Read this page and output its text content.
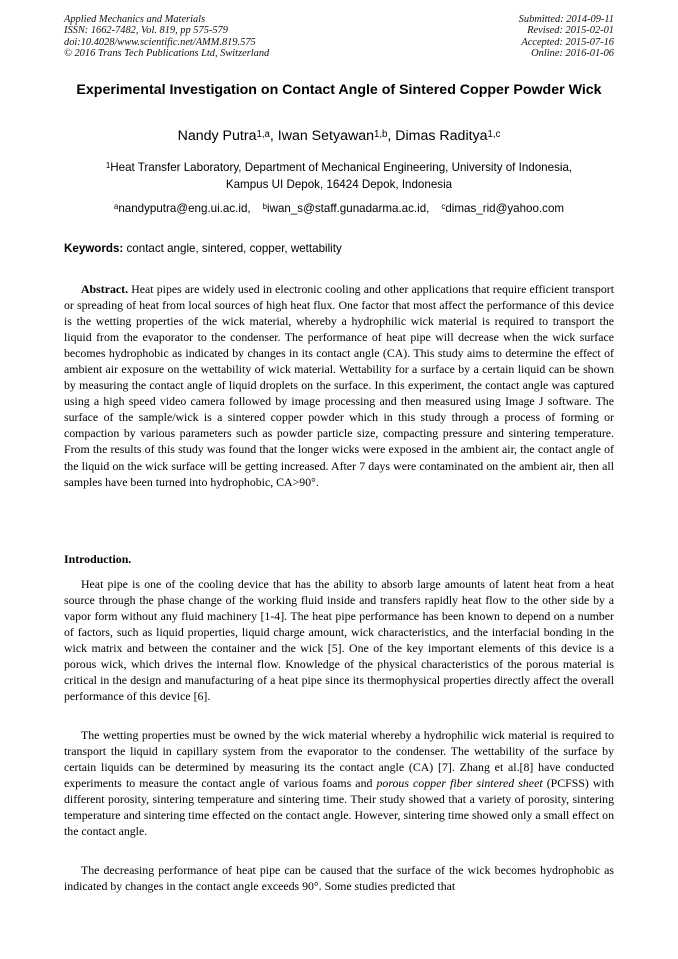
Applied Mechanics and Materials
ISSN: 1662-7482, Vol. 819, pp 575-579
doi:10.4028/www.scientific.net/AMM.819.575
© 2016 Trans Tech Publications Ltd, Switzerland
Submitted: 2014-09-11
Revised: 2015-02-01
Accepted: 2015-07-16
Online: 2016-01-06
Experimental Investigation on Contact Angle of Sintered Copper Powder Wick
Nandy Putra$^{1,a}$, Iwan Setyawan$^{1,b}$, Dimas Raditya$^{1,c}$
$^1$Heat Transfer Laboratory, Department of Mechanical Engineering, University of Indonesia,
Kampus UI Depok, 16424 Depok, Indonesia
$^a$nandyputra@eng.ui.ac.id, $^b$iwan_s@staff.gunadarma.ac.id, $^c$dimas_rid@yahoo.com
Keywords: contact angle, sintered, copper, wettability

Abstract. Heat pipes are widely used in electronic cooling and other applications that require efficient transport or spreading of heat from local sources of high heat flux. One factor that most affect the performance of this device is the wetting properties of the wick material, whereby a hydrophilic wick material is required to transport the liquid from the evaporator to the condenser. The performance of heat pipe will decrease when the wick surface becomes hydrophobic as indicated by changes in its contact angle (CA). This study aims to determine the effect of ambient air exposure on the wettability of wick material. Wettability for a surface by a certain liquid can be shown by measuring the contact angle of liquid droplets on the surface. In this experiment, the contact angle was captured using a high speed video camera followed by image processing and then measured using Image J software. The surface of the sample/wick is a sintered copper powder which in this study through a process of forming or compaction by various parameters such as powder particle size, compacting pressure and sintering temperature. From the results of this study was found that the longer wicks were exposed in the ambient air, the contact angle of the liquid on the wick surface will be getting increased. After 7 days were contaminated on the ambient air, then all samples have been turned into hydrophobic, CA>90°.

Introduction.

Heat pipe is one of the cooling device that has the ability to absorb large amounts of latent heat from a heat source through the phase change of the working fluid inside and transfers rapidly heat flow to the other side by a vapor form without any fluid machinery [1-4]. The heat pipe performance has been known to depend on a number of factors, such as liquid properties, liquid charge amount, wick characteristics, and the interfacial bonding in the wick matrix and between the container and the wick [5]. One of the key important elements of this device is a porous wick, which drives the internal flow. Knowledge of the physical characteristics of the porous material is critical in the design and manufacturing of a heat pipe since its thermophysical properties directly affect the overall performance of this device [6].

The wetting properties must be owned by the wick material whereby a hydrophilic wick material is required to transport the liquid in capillary system from the evaporator to the condenser. The wettability of the surface by certain liquids can be determined by measuring its the contact angle (CA) [7]. Zhang et al.[8] have conducted experiments to measure the contact angle of various foams and porous copper fiber sintered sheet (PCFSS) with different porosity, sintering temperature and sintering time. Their study showed that a variety of porosity, sintering temperature and sintering time effected on the contact angle. However, sintering time showed only a small effect on the contact angle.

The decreasing performance of heat pipe can be caused that the surface of the wick becomes hydrophobic as indicated by changes in the contact angle exceeds 90°. Some studies predicted that
